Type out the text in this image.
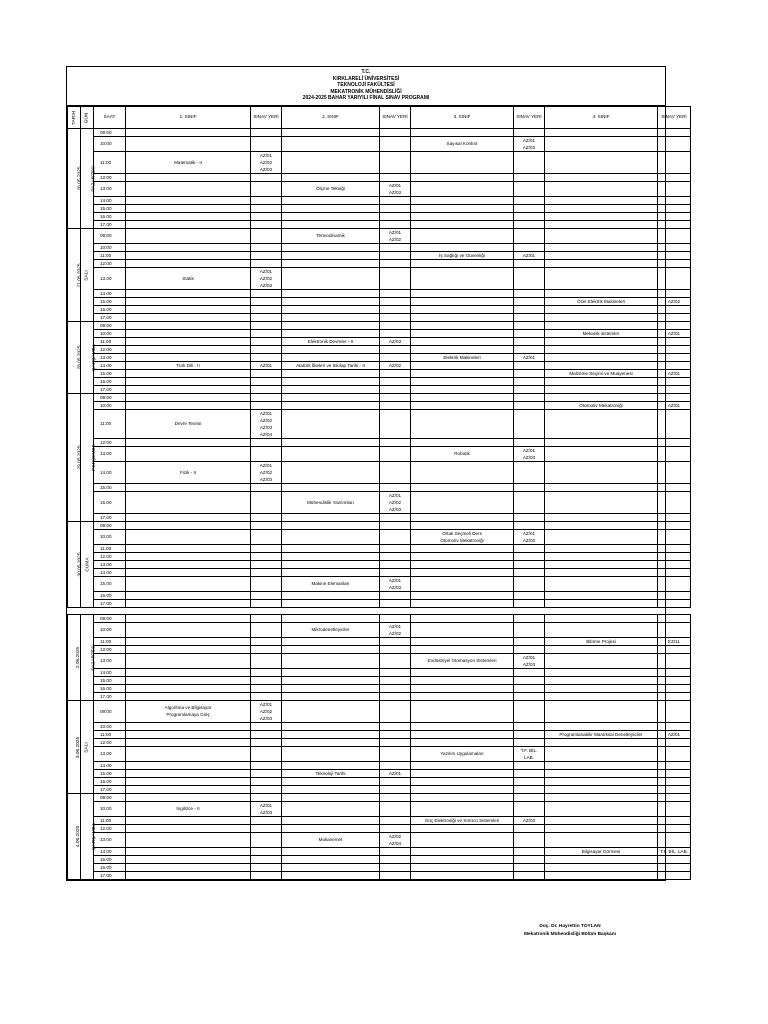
T.C.
KIRKLARELİ ÜNİVERSİTESİ
TEKNOLOJİ FAKÜLTESİ
MEKATRONİK MÜHENDİSLİĞİ
2024-2025 BAHAR YARIYILI FİNAL SINAV PROGRAMI
TARİH	GÜN	SAAT	1. SINIF	SINAV YERİ	2. SINIF	SINAV YERİ	3. SINIF	SINAV YERİ	4. SINIF	SINAV YERİ
26.05.2025	PAZARTESİ	09:00								
		10:00					Sayısal Kontrol	AZ/01
AZ/03		
		11:00	Matematik - II	AZ/01
AZ/02
AZ/03						
		12:00								
		13.00			Ölçme Tekniği	AZ/01
AZ/03				
		14.00								
		15.00								
		16.00								
		17.00								
27.05.2025	SALI	09:00			Termodinamik	AZ/01
AZ/02				
		10:00								
		11:00					İş Sağlığı ve Güvenliği	AZ/01		
		12:00								
		13.00	Statik	AZ/01
AZ/02
AZ/03						
		14.00								
		15.00							Özel Elektrik Makineleri	AZ/02
		16.00								
		17.00								
28.05.2025	ÇARŞAMBA	09:00								
		10:00							Mekanik sistemler	AZ/01
		11.00			Elektronik Devreler - II	AZ/03				
		12.00								
		13.00					Elektrik Makineleri	AZ/01		
		14.00	Türk Dili - II	AZ/01	Atatürk İlkeleri ve İnkılap Tarihi - II	AZ/02				
		15.00							Malzeme Seçimi ve Muayenesi	AZ/01
		16.00								
		17.00								
29.05.2025	PERŞEMBE	09:00								
		10:00							Otomotiv Mekatroniği	AZ/01
		11:00	Devre Teorisi	AZ/01
AZ/02
AZ/03
AZ/04						
		12:00								
		13.00					Robotik	AZ/01
AZ/03		
		14.00	Fizik - II	AZ/01
AZ/02
AZ/03						
		15.00								
		16.00			Mühendislik Yazılımları	AZ/01
AZ/02
AZ/03				
		17.00								
30.05.2025	CUMA	09:00								
		10.00					Ortak Seçmeli Ders
Otomotiv Mekatroniği	AZ/01
AZ/03		
		11.00								
		12.00								
		13.00								
		14.00								
		15.00			Makine Elemanları	AZ/01
AZ/03				
		16.00								
		17.00								

2.06.2025	PAZARTESİ	09:00								
		10:00			Mikrodenetleyiciler	AZ/01
AZ/02				
		11:00							Bitirme Projesi	EZ/11
		12:00								
		13.00					Endüstriyel Otomasyon Sistemleri	AZ/01
AZ/03		
		14.00								
		15.00								
		16.00								
		17.00								
3.06.2025	SALI	09:00	Algoritma ve Bilgisayar
Programlamaya Giriş	AZ/01
AZ/02
AZ/03						
		10:00								
		11:00							Programlanabilir Mantıksal Denetleyiciler	AZ/01
		12:00								
		13.00					Yazılım Uygulamaları	T.F. BİL.
LAB.		
		14.00								
		15.00			Teknoloji Tarihi	AZ/01				
		16.00								
		17.00								
4.06.2025	ÇARŞAMBA	09:00								
		10.00	İngilizce - II	AZ/01
AZ/03						
		11:00					Güç Elektroniği ve Sürücü Sistemleri	AZ/03		
		12.00								
		13.00			Mukavemet	AZ/02
AZ/04				
		14.00							Bilgisayar Görmesi	T.F. BİL. LAB.
		15.00								
		16.00								
		17.00								
Doç. Dr. Hayrettin TOYLAN
Mekatronik Mühendisliği Bölüm Başkanı
